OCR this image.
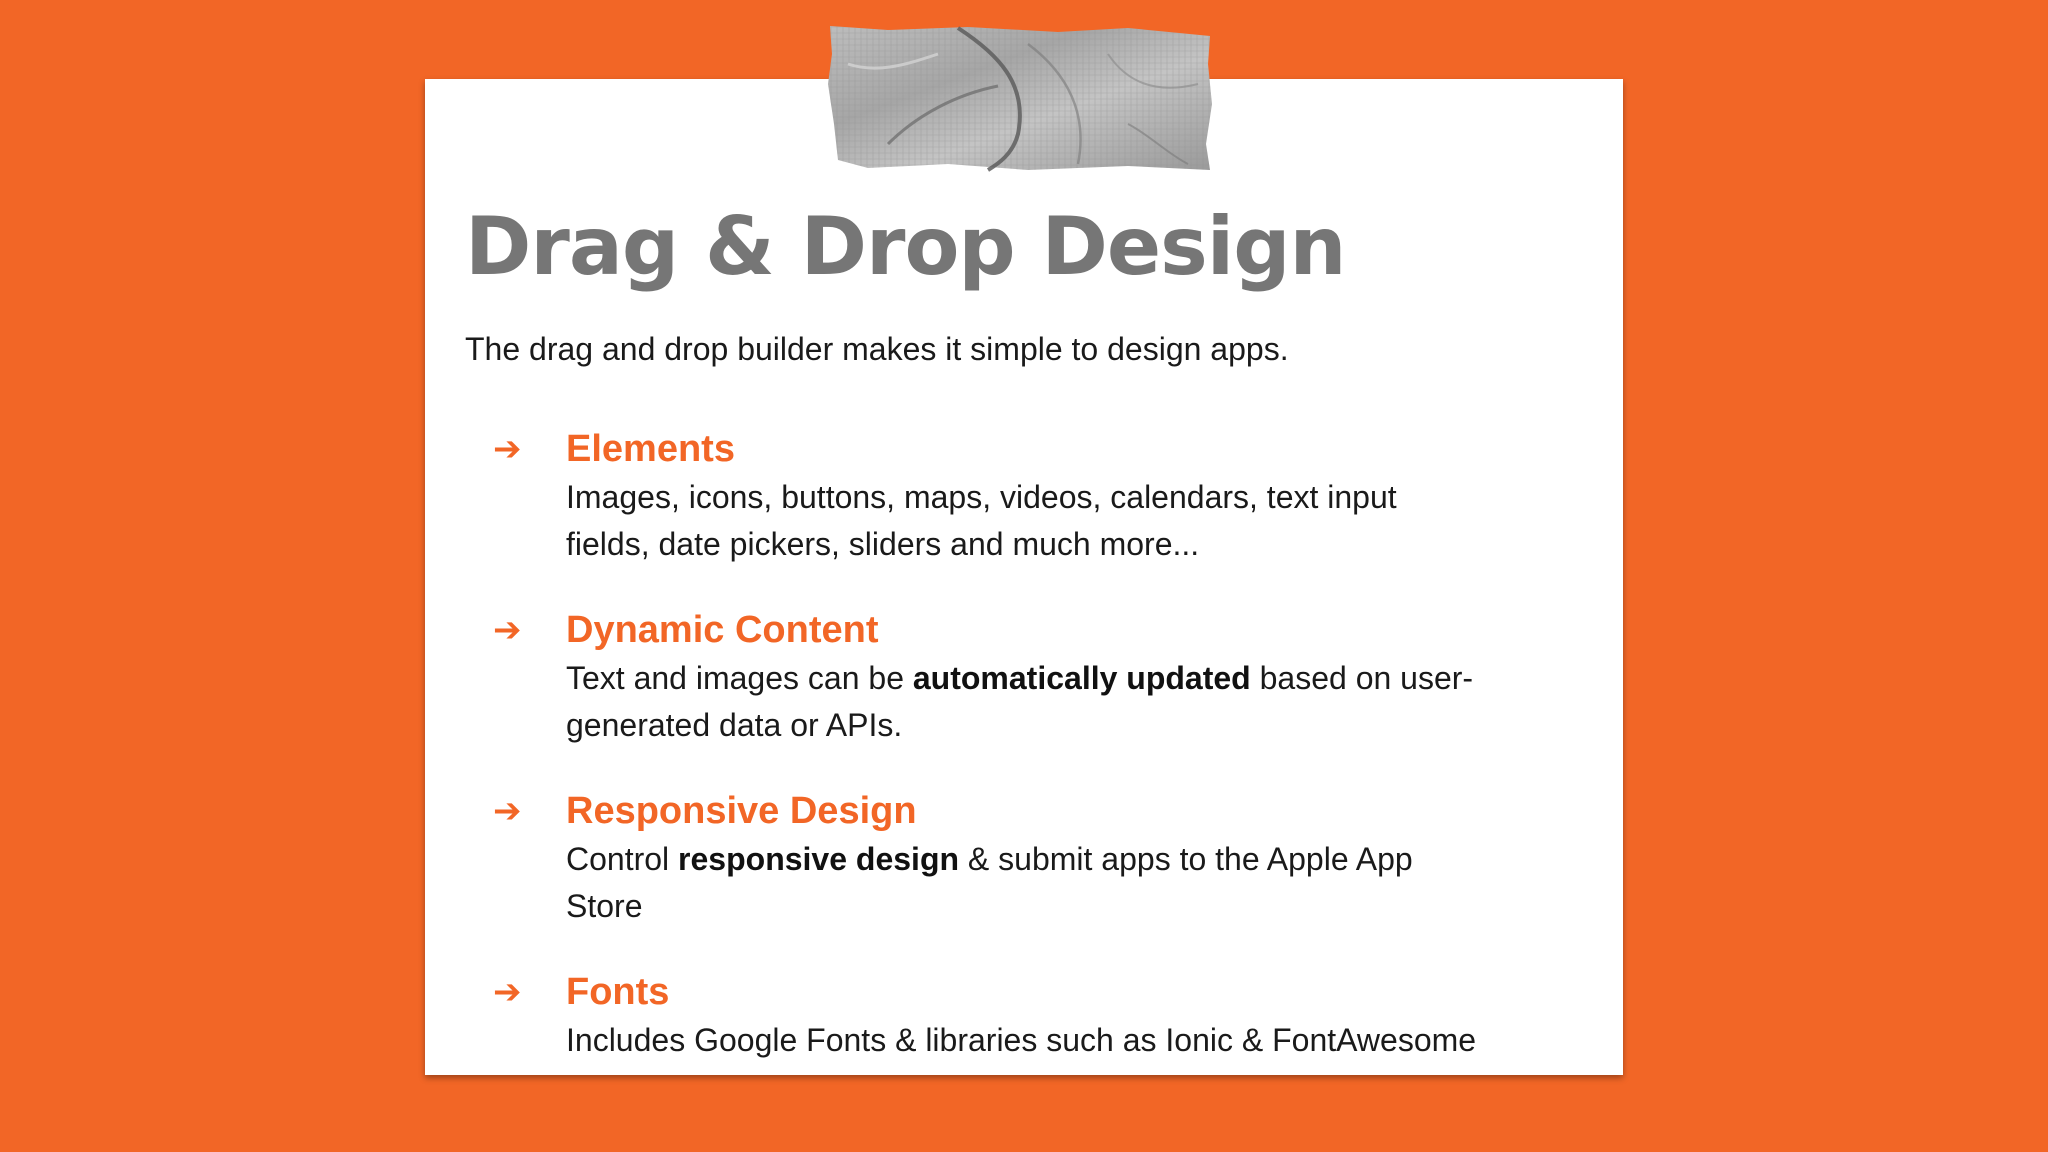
Drag & Drop Design

The drag and drop builder makes it simple to design apps.

➔ Elements
Images, icons, buttons, maps, videos, calendars, text input
fields, date pickers, sliders and much more...
➔ Dynamic Content
Text and images can be automatically updated based on user-
generated data or APIs.
➔ Responsive Design
Control responsive design & submit apps to the Apple App
Store
➔ Fonts
Includes Google Fonts & libraries such as Ionic & FontAwesome
